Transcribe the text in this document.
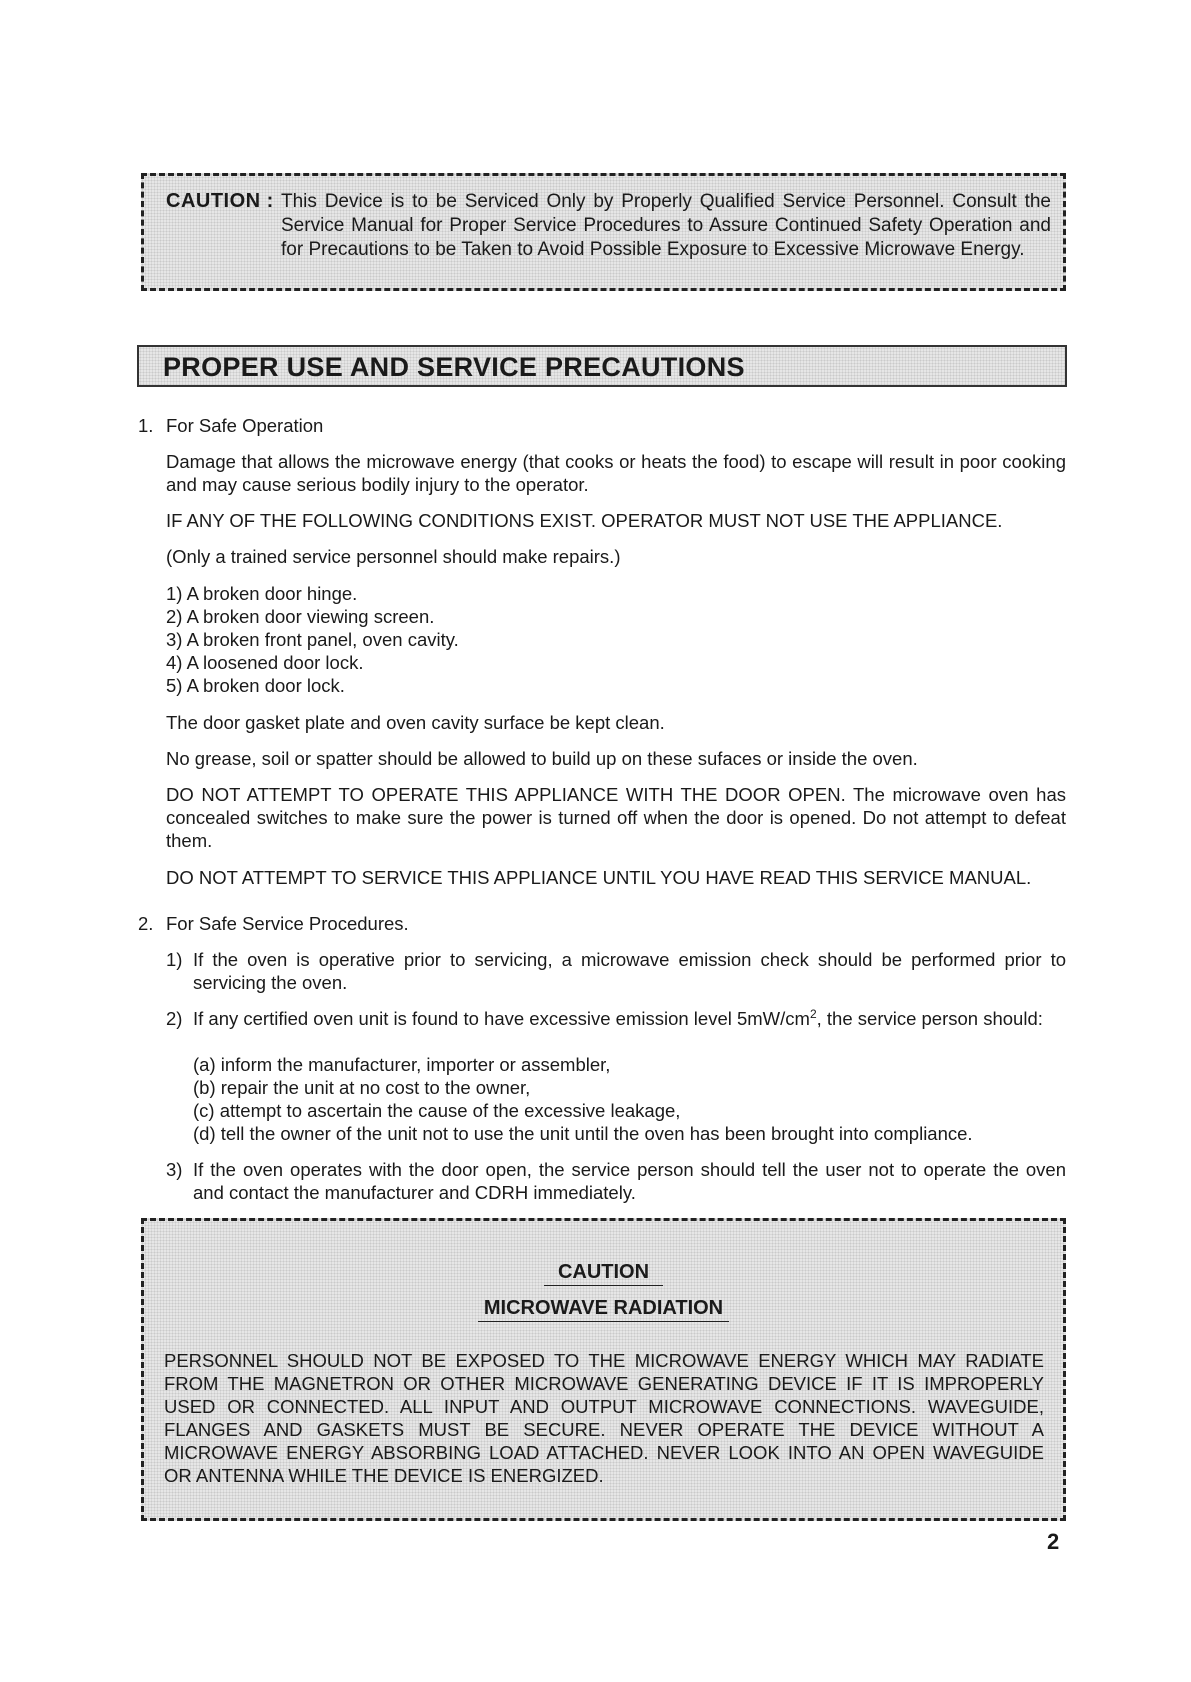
CAUTION : This Device is to be Serviced Only by Properly Qualified Service Personnel. Consult the Service Manual for Proper Service Procedures to Assure Continued Safety Operation and for Precautions to be Taken to Avoid Possible Exposure to Excessive Microwave Energy.
PROPER USE AND SERVICE PRECAUTIONS
1. For Safe Operation
Damage that allows the microwave energy (that cooks or heats the food) to escape will result in poor cooking and may cause serious bodily injury to the operator.
IF ANY OF THE FOLLOWING CONDITIONS EXIST. OPERATOR MUST NOT USE THE APPLIANCE.
(Only a trained service personnel should make repairs.)
1) A broken door hinge.
2) A broken door viewing screen.
3) A broken front panel, oven cavity.
4) A loosened door lock.
5) A broken door lock.
The door gasket plate and oven cavity surface be kept clean.
No grease, soil or spatter should be allowed to build up on these sufaces or inside the oven.
DO NOT ATTEMPT TO OPERATE THIS APPLIANCE WITH THE DOOR OPEN. The microwave oven has concealed switches to make sure the power is turned off when the door is opened. Do not attempt to defeat them.
DO NOT ATTEMPT TO SERVICE THIS APPLIANCE UNTIL YOU HAVE READ THIS SERVICE MANUAL.
2. For Safe Service Procedures.
1) If the oven is operative prior to servicing, a microwave emission check should be performed prior to servicing the oven.
2) If any certified oven unit is found to have excessive emission level $5mW/cm^2$, the service person should:
(a) inform the manufacturer, importer or assembler,
(b) repair the unit at no cost to the owner,
(c) attempt to ascertain the cause of the excessive leakage,
(d) tell the owner of the unit not to use the unit until the oven has been brought into compliance.
3) If the oven operates with the door open, the service person should tell the user not to operate the oven and contact the manufacturer and CDRH immediately.
CAUTION
MICROWAVE RADIATION
PERSONNEL SHOULD NOT BE EXPOSED TO THE MICROWAVE ENERGY WHICH MAY RADIATE FROM THE MAGNETRON OR OTHER MICROWAVE GENERATING DEVICE IF IT IS IMPROPERLY USED OR CONNECTED. ALL INPUT AND OUTPUT MICROWAVE CONNECTIONS. WAVEGUIDE, FLANGES AND GASKETS MUST BE SECURE. NEVER OPERATE THE DEVICE WITHOUT A MICROWAVE ENERGY ABSORBING LOAD ATTACHED. NEVER LOOK INTO AN OPEN WAVEGUIDE OR ANTENNA WHILE THE DEVICE IS ENERGIZED.
2
